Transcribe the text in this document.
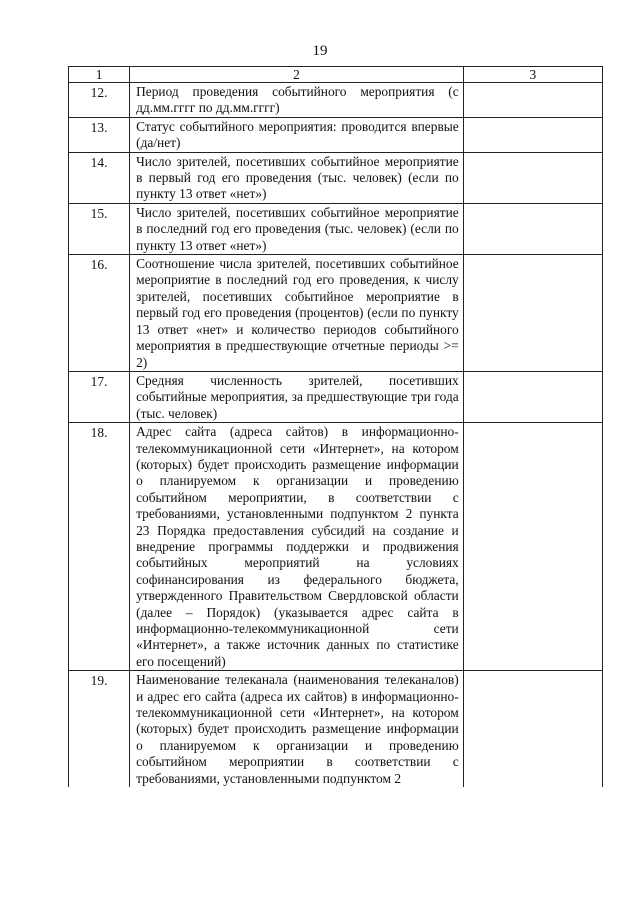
19
1	2	3
12.	Период проведения событийного мероприятия (с дд.мм.гггг по дд.мм.гггг)	
13.	Статус событийного мероприятия: проводится впервые (да/нет)	
14.	Число зрителей, посетивших событийное мероприятие в первый год его проведения (тыс. человек) (если по пункту 13 ответ «нет»)	
15.	Число зрителей, посетивших событийное мероприятие в последний год его проведения (тыс. человек) (если по пункту 13 ответ «нет»)	
16.	Соотношение числа зрителей, посетивших событийное мероприятие в последний год его проведения, к числу зрителей, посетивших событийное мероприятие в первый год его проведения (процентов) (если по пункту 13 ответ «нет» и количество периодов событийного мероприятия в предшествующие отчетные периоды >= 2)	
17.	Средняя численность зрителей, посетивших событийные мероприятия, за предшествующие три года (тыс. человек)	
18.	Адрес сайта (адреса сайтов) в информационно-телекоммуникационной сети «Интернет», на котором (которых) будет происходить размещение информации о планируемом к организации и проведению событийном мероприятии, в соответствии с требованиями, установленными подпунктом 2 пункта 23 Порядка предоставления субсидий на создание и внедрение программы поддержки и продвижения событийных мероприятий на условиях софинансирования из федерального бюджета, утвержденного Правительством Свердловской области (далее – Порядок) (указывается адрес сайта в информационно-телекоммуникационной сети «Интернет», а также источник данных по статистике его посещений)	
19.	Наименование телеканала (наименования телеканалов) и адрес его сайта (адреса их сайтов) в информационно-телекоммуникационной сети «Интернет», на котором (которых) будет происходить размещение информации о планируемом к организации и проведению событийном мероприятии в соответствии с требованиями, установленными подпунктом 2	
